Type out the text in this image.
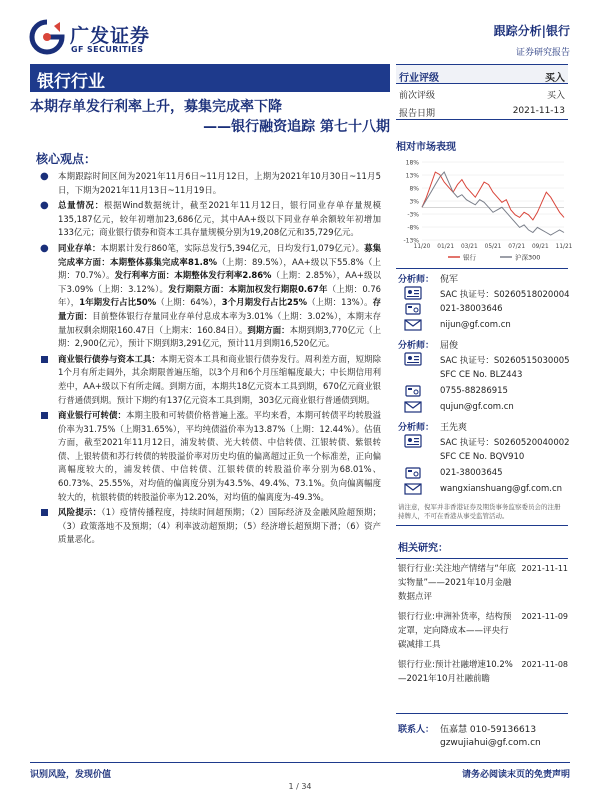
广发证券
GF SECURITIES
跟踪分析|银行
证券研究报告
银行行业
本期存单发行利率上升，募集完成率下降
——银行融资追踪 第七十八期
核心观点：
● 本期跟踪时间区间为2021年11月6日~11月12日，上期为2021年10月30日~11月5日，下期为2021年11月13日~11月19日。
● 总量情况：根据Wind数据统计，截至2021年11月12日，银行同业存单存量规模135,187亿元，较年初增加23,686亿元，其中AA+级以下同业存单余额较年初增加133亿元；商业银行债券和资本工具存量规模分别为19,208亿元和35,729亿元。
● 同业存单：本期累计发行860笔，实际总发行5,394亿元，日均发行1,079亿元）。募集完成率方面：本期整体募集完成率81.8%（上期：89.5%），AA+级以下55.8%（上期：70.7%）。发行利率方面：本期整体发行利率2.86%（上期：2.85%），AA+级以下3.09%（上期：3.12%）。发行期限方面：本期加权发行期限0.67年（上期：0.76年），1年期发行占比50%（上期：64%），3个月期发行占比25%（上期：13%）。存量方面：目前整体银行存量同业存单付息成本率为3.01%（上期：3.02%），本期末存量加权剩余期限160.47日（上期末：160.84日）。到期方面：本期到期3,770亿元（上期：2,900亿元），预计下期到期3,291亿元，预计11月到期16,520亿元。
商业银行债券与资本工具：本期无资本工具和商业银行债券发行。周利差方面，短期除1个月有所走阔外，其余期限普遍压缩，以3个月和6个月压缩幅度最大；中长期信用利差中，AA+级以下有所走阔。到期方面，本期共18亿元资本工具到期，670亿元商业银行普通债到期。预计下期约有137亿元资本工具到期，303亿元商业银行普通债到期。
商业银行可转债：本期主股和可转债价格普遍上涨。平均来看，本期可转债平均转股溢价率为31.75%（上期31.65%），平均纯债溢价率为13.87%（上期：12.44%）。估值方面，截至2021年11月12日，浦发转债、光大转债、中信转债、江银转债、紫银转债、上银转债和苏行转债的转股溢价率对历史均值的偏离超过正负一个标准差，正向偏离幅度较大的，浦发转债、中信转债、江银转债的转股溢价率分别为68.01%、60.73%、25.55%，对均值的偏离度分别为43.5%、49.4%、73.1%。负向偏离幅度较大的，杭银转债的转股溢价率为12.20%，对均值的偏离度为-49.3%。
风险提示：（1）疫情传播程度，持续时间超预期；（2）国际经济及金融风险超预期；（3）政策落地不及预期；（4）利率波动超预期；（5）经济增长超预期下滑；（6）资产质量恶化。
行业评级	买入
前次评级	买入
报告日期	2021-11-13
相对市场表现
18%
13%
8%
3%
-3%
-8%
-13%
11/20 01/21 03/21 05/21 07/21 09/21 11/21
银行	沪深300
分析师： 倪军
SAC 执证号：S0260518020004
021-38003646
nijun@gf.com.cn
分析师： 屈俊
SAC 执证号：S0260515030005
SFC CE No. BLZ443
0755-88286915
qujun@gf.com.cn
分析师： 王先爽
SAC 执证号：S0260520040002
SFC CE No. BQV910
021-38003645
wangxianshuang@gf.com.cn
请注意，倪军并非香港证券及期货事务监察委员会的注册持牌人，不可在香港从事受监管活动。
相关研究：
银行行业:关注地产情绪与“年底实物量”——2021年10月金融数据点评
2021-11-11
银行行业:申洲补货率，结构预定罩，定向降成本——评央行碳减排工具
2021-11-09
银行行业:预计社融增速10.2%—2021年10月社融前瞻
2021-11-08
联系人： 伍嘉慧 010-59136613
gzwujiahui@gf.com.cn
识别风险，发现价值	请务必阅读末页的免责声明
1 / 34
